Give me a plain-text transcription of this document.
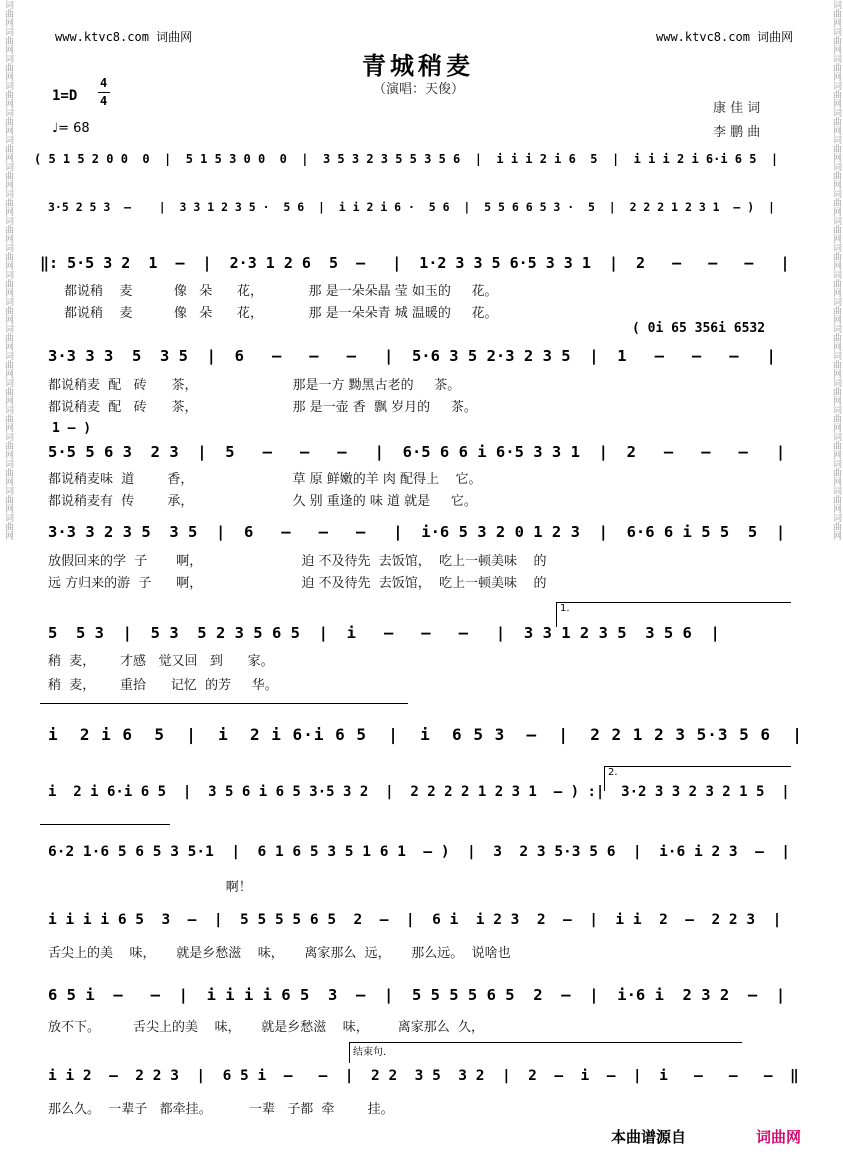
词曲网词曲网词曲网词曲网词曲网词曲网词曲网词曲网词曲网词曲网词曲网词曲网词曲网词曲网词曲网词曲网词曲网词曲网词曲网词曲网
词曲网词曲网词曲网词曲网词曲网词曲网词曲网词曲网词曲网词曲网词曲网词曲网词曲网词曲网词曲网词曲网词曲网词曲网词曲网词曲网
www.ktvc8.com 词曲网	www.ktvc8.com 词曲网
青城稍麦
（演唱：天俊）
1=D
4
4
♩= 68
康 佳 词
李 鹏 曲
( 5 1 5 2 0 0  0  |  5 1 5 3 0 0  0  |  3 5 3 2 3 5 5 3 5 6  |  i i i 2 i 6  5  |  i i i 2 i 6·i 6 5  |
3·5 2 5 3  —    |  3 3 1 2 3 5 ·  5 6  |  i i 2 i 6 ·  5 6  |  5 5 6 6 5 3 ·  5  |  2 2 2 1 2 3 1  — )  |
‖: 5·5 3 2  1  —  |  2·3 1 2 6  5  —   |  1·2 3 3 5 6·5 3 3 1  |  2   —   —   —   |
都说稍    麦          像   朵      花，           那 是一朵朵晶 莹 如玉的     花。
都说稍    麦          像   朵      花，           那 是一朵朵青 城 温暖的     花。
( 0i 65 356i 6532
3·3 3 3  5  3 5  |  6   —   —   —   |  5·6 3 5 2·3 2 3 5  |  1   —   —   —   |
都说稍麦  配   砖      茶，                       那是一方 黝黑古老的     茶。
都说稍麦  配   砖      茶，                       那 是一壶 香  飘 岁月的     茶。
1 — )
5·5 5 6 3  2 3  |  5   —   —   —   |  6·5 6 6 i 6·5 3 3 1  |  2   —   —   —   |
都说稍麦味  道        香，                        草 原 鲜嫩的羊 肉 配得上    它。
都说稍麦有  传        承，                        久 别 重逢的 味 道 就是     它。
3·3 3 2 3 5  3 5  |  6   —   —   —   |  i·6 5 3 2 0 1 2 3  |  6·6 6 i 5 5  5  |
放假回来的学  子       啊，                        迫 不及待先  去饭馆，  吃上一顿美味    的
远 方归来的游  子      啊，                        迫 不及待先  去饭馆，  吃上一顿美味    的
1.
5  5 3  |  5 3  5 2 3 5 6 5  |  i   —   —   —   |  3 3 1 2 3 5  3 5 6  |
稍  麦，      才感   觉又回   到      家。
稍  麦，      重拾      记忆  的芳     华。
i  2 i 6  5  |  i  2 i 6·i 6 5  |  i  6 5 3  —  |  2 2 1 2 3 5·3 5 6  |
2.
i  2 i 6·i 6 5  |  3 5 6 i 6 5 3·5 3 2  |  2 2 2 2 1 2 3 1  — ) :|  3·2 3 3 2 3 2 1 5  |
6·2 1·6 5 6 5 3 5·1  |  6 1 6 5 3 5 1 6 1  — )  |  3  2 3 5·3 5 6  |  i·6 i 2 3  —  |
啊！
i i i i 6 5  3  —  |  5 5 5 5 6 5  2  —  |  6 i  i 2 3  2  —  |  i i  2  —  2 2 3  |
舌尖上的美    味，     就是乡愁滋    味，     离家那么  远，     那么远。  说啥也
6 5 i  —   —  |  i i i i 6 5  3  —  |  5 5 5 5 6 5  2  —  |  i·6 i  2 3 2  —  |
放不下。        舌尖上的美    味，     就是乡愁滋    味，       离家那么  久，
结束句.
i i 2  —  2 2 3  |  6 5 i  —   —  |  2 2  3 5  3 2  |  2  —  i  —  |  i   —   —   —  ‖
那么久。  一辈子   都牵挂。         一辈   子都  牵        挂。
本曲谱源自	词曲网
